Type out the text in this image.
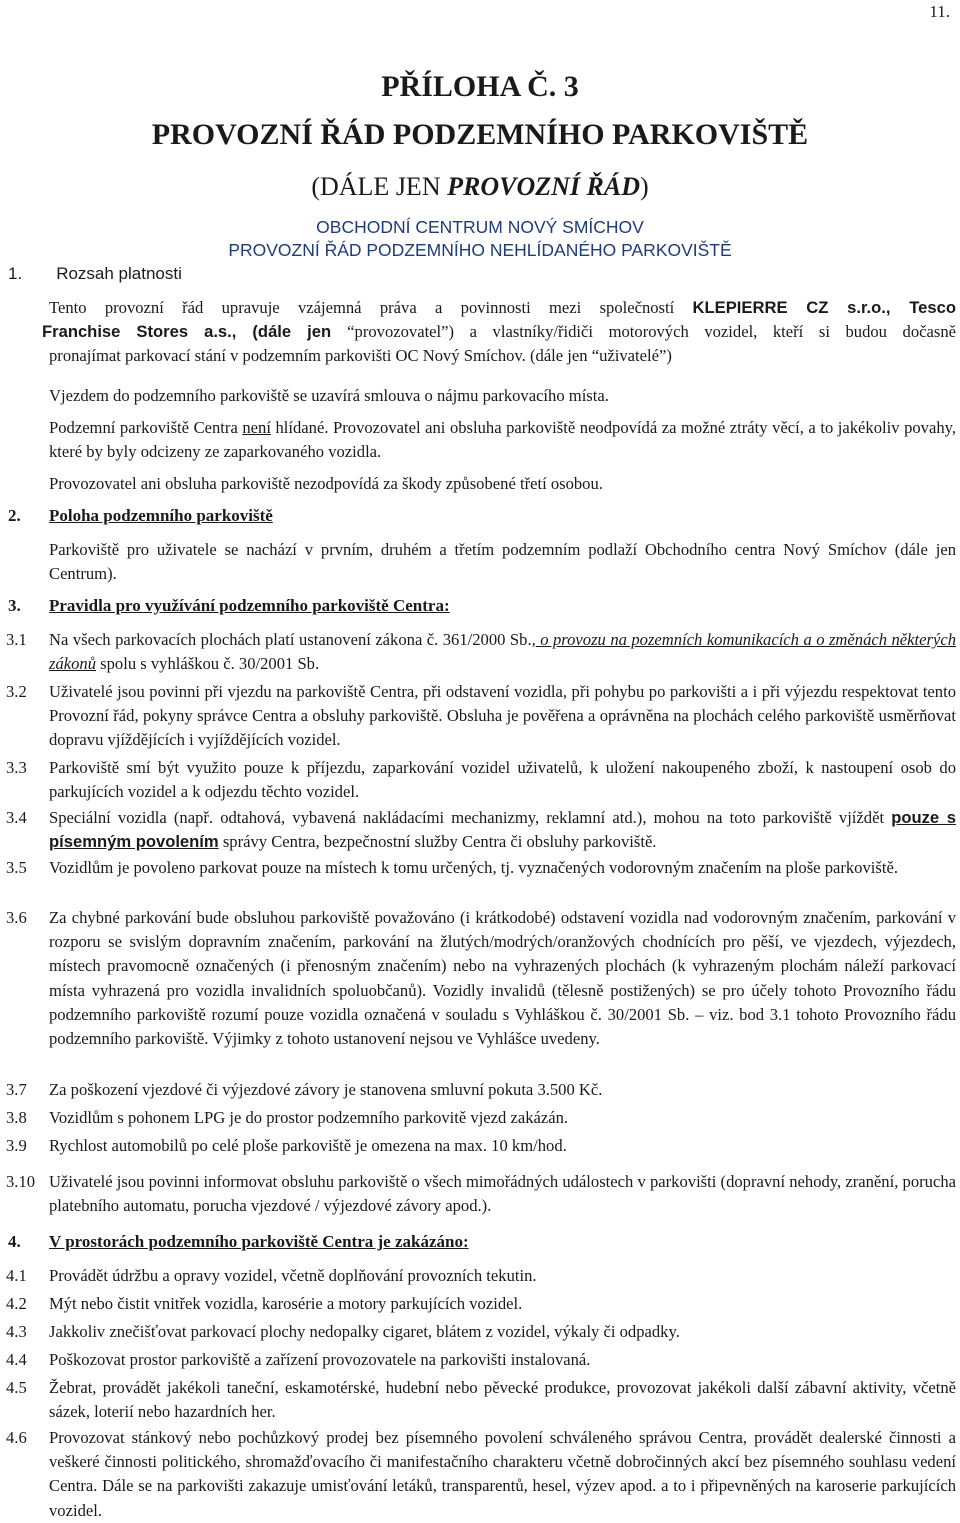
11.
PŘÍLOHA Č. 3
PROVOZNÍ ŘÁD PODZEMNÍHO PARKOVIŠTĚ
(DÁLE JEN PROVOZNÍ ŘÁD)
OBCHODNÍ CENTRUM NOVÝ SMÍCHOV
PROVOZNÍ ŘÁD PODZEMNÍHO NEHLÍDANÉHO PARKOVIŠTĚ
1. Rozsah platnosti
Tento provozní řád upravuje vzájemná práva a povinnosti mezi společností KLEPIERRE CZ s.r.o., Tesco
Franchise Stores a.s., (dále jen “provozovatel”) a vlastníky/řidiči motorových vozidel, kteří si budou dočasně
pronajímat parkovací stání v podzemním parkovišti OC Nový Smíchov. (dále jen “uživatelé”)
Vjezdem do podzemního parkoviště se uzavírá smlouva o nájmu parkovacího místa.
Podzemní parkoviště Centra není hlídané. Provozovatel ani obsluha parkoviště neodpovídá za možné ztráty věcí, a to jakékoliv povahy, které by byly odcizeny ze zaparkovaného vozidla.
Provozovatel ani obsluha parkoviště nezodpovídá za škody způsobené třetí osobou.
2. Poloha podzemního parkoviště
Parkoviště pro uživatele se nachází v prvním, druhém a třetím podzemním podlaží Obchodního centra Nový Smíchov (dále jen Centrum).
3. Pravidla pro využívání podzemního parkoviště Centra:
3.1	Na všech parkovacích plochách platí ustanovení zákona č. 361/2000 Sb., o provozu na pozemních komunikacích a o změnách některých zákonů spolu s vyhláškou č. 30/2001 Sb.
3.2	Uživatelé jsou povinni při vjezdu na parkoviště Centra, při odstavení vozidla, při pohybu po parkovišti a i při výjezdu respektovat tento Provozní řád, pokyny správce Centra a obsluhy parkoviště. Obsluha je pověřena a oprávněna na plochách celého parkoviště usměrňovat dopravu vjíždějících i vyjíždějících vozidel.
3.3	Parkoviště smí být využito pouze k příjezdu, zaparkování vozidel uživatelů, k uložení nakoupeného zboží, k nastoupení osob do parkujících vozidel a k odjezdu těchto vozidel.
3.4	Speciální vozidla (např. odtahová, vybavená nakládacími mechanizmy, reklamní atd.), mohou na toto parkoviště vjíždět pouze s písemným povolením správy Centra, bezpečnostní služby Centra či obsluhy parkoviště.
3.5	Vozidlům je povoleno parkovat pouze na místech k tomu určených, tj. vyznačených vodorovným značením na ploše parkoviště.
3.6	Za chybné parkování bude obsluhou parkoviště považováno (i krátkodobé) odstavení vozidla nad vodorovným značením, parkování v rozporu se svislým dopravním značením, parkování na žlutých/modrých/oranžových chodnících pro pěší, ve vjezdech, výjezdech, místech pravomocně označených (i přenosným značením) nebo na vyhrazených plochách (k vyhrazeným plochám náleží parkovací místa vyhrazená pro vozidla invalidních spoluobčanů). Vozidly invalidů (tělesně postižených) se pro účely tohoto Provozního řádu podzemního parkoviště rozumí pouze vozidla označená v souladu s Vyhláškou č. 30/2001 Sb. – viz. bod 3.1 tohoto Provozního řádu podzemního parkoviště. Výjimky z tohoto ustanovení nejsou ve Vyhlášce uvedeny.
3.7	Za poškození vjezdové či výjezdové závory je stanovena smluvní pokuta 3.500 Kč.
3.8	Vozidlům s pohonem LPG je do prostor podzemního parkovitě vjezd zakázán.
3.9	Rychlost automobilů po celé ploše parkoviště je omezena na max. 10 km/hod.
3.10 Uživatelé jsou povinni informovat obsluhu parkoviště o všech mimořádných událostech v parkovišti (dopravní nehody, zranění, porucha platebního automatu, porucha vjezdové / výjezdové závory apod.).
4. V prostorách podzemního parkoviště Centra je zakázáno:
4.1	Provádět údržbu a opravy vozidel, včetně doplňování provozních tekutin.
4.2	Mýt nebo čistit vnitřek vozidla, karosérie a motory parkujících vozidel.
4.3	Jakkoliv znečišťovat parkovací plochy nedopalky cigaret, blátem z vozidel, výkaly či odpadky.
4.4	Poškozovat prostor parkoviště a zařízení provozovatele na parkovišti instalovaná.
4.5	Žebrat, provádět jakékoli taneční, eskamotérské, hudební nebo pěvecké produkce, provozovat jakékoli další zábavní aktivity, včetně sázek, loterií nebo hazardních her.
4.6	Provozovat stánkový nebo pochůzkový prodej bez písemného povolení schváleného správou Centra, provádět dealerské činnosti a veškeré činnosti politického, shromažďovacího či manifestačního charakteru včetně dobročinných akcí bez písemného souhlasu vedení Centra. Dále se na parkovišti zakazuje umisťování letáků, transparentů, hesel, výzev apod. a to i připevněných na karoserie parkujících vozidel.
